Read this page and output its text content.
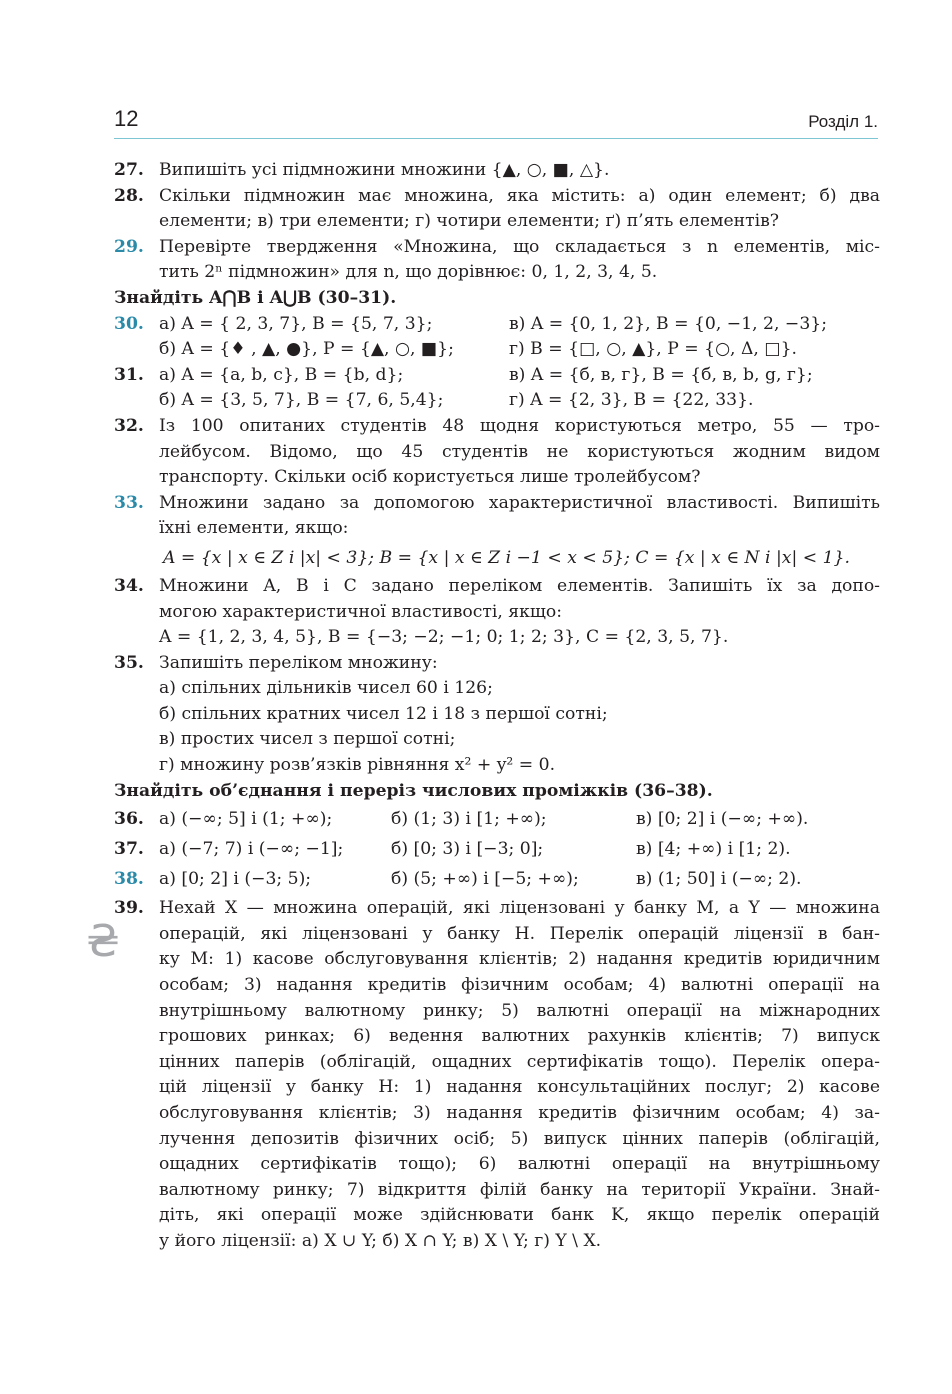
12	Розділ 1.
₴
27. Випишіть усі підмножини множини {▲, ○, ■, △}.
28. Скільки підмножин має множина, яка містить: а) один елемент; б) два
елементи; в) три елементи; г) чотири елементи; ґ) п’ять елементів?
29. Перевірте твердження «Множина, що складається з n елементів, міс-
тить 2ⁿ підмножин» для n, що дорівнює: 0, 1, 2, 3, 4, 5.
Знайдіть A⋂B і A⋃B (30–31).
30. а) A = { 2, 3, 7}, B = {5, 7, 3};	в) A = {0, 1, 2}, B = {0, −1, 2, −3};
б) A = {♦ , ▲, ●}, P = {▲, ○, ■};	г) B = {□, ○, ▲}, P = {○, Δ, □}.
31. а) A = {a, b, c}, B = {b, d};	в) A = {б, в, г}, В = {б, в, b, g, г};
б) A = {3, 5, 7}, B = {7, 6, 5,4};	г) A = {2, 3}, B = {22, 33}.
32. Із 100 опитаних студентів 48 щодня користуються метро, 55 — тро-
лейбусом. Відомо, що 45 студентів не користуються жодним видом
транспорту. Скільки осіб користується лише тролейбусом?
33. Множини задано за допомогою характеристичної властивості. Випишіть
їхні елементи, якщо:
A = {x | x ∈ Z і |x| < 3}; B = {x | x ∈ Z і −1 < x < 5}; C = {x | x ∈ N і |x| < 1}.
34. Множини A, B і C задано переліком елементів. Запишіть їх за допо-
могою характеристичної властивості, якщо:
A = {1, 2, 3, 4, 5}, B = {−3; −2; −1; 0; 1; 2; 3}, C = {2, 3, 5, 7}.
35. Запишіть переліком множину:
а) спільних дільників чисел 60 і 126;
б) спільних кратних чисел 12 і 18 з першої сотні;
в) простих чисел з першої сотні;
г) множину розв’язків рівняння x² + y² = 0.
Знайдіть об’єднання і переріз числових проміжків (36–38).
36. а) (−∞; 5] і (1; +∞);	б) (1; 3) і [1; +∞);	в) [0; 2] і (−∞; +∞).
37. а) (−7; 7) і (−∞; −1];	б) [0; 3) і [−3; 0];	в) [4; +∞) і [1; 2).
38. а) [0; 2] і (−3; 5);	б) (5; +∞) і [−5; +∞);	в) (1; 50] і (−∞; 2).
39. Нехай X — множина операцій, які ліцензовані у банку M, а Y — множина
операцій, які ліцензовані у банку H. Перелік операцій ліцензії в бан-
ку M: 1) касове обслуговування клієнтів; 2) надання кредитів юридичним
особам; 3) надання кредитів фізичним особам; 4) валютні операції на
внутрішньому валютному ринку; 5) валютні операції на міжнародних
грошових ринках; 6) ведення валютних рахунків клієнтів; 7) випуск
цінних паперів (облігацій, ощадних сертифікатів тощо). Перелік опера-
цій ліцензії у банку H: 1) надання консультаційних послуг; 2) касове
обслуговування клієнтів; 3) надання кредитів фізичним особам; 4) за-
лучення депозитів фізичних осіб; 5) випуск цінних паперів (облігацій,
ощадних сертифікатів тощо); 6) валютні операції на внутрішньому
валютному ринку; 7) відкриття філій банку на території України. Знай-
діть, які операції може здійснювати банк K, якщо перелік операцій
у його ліцензії: а) X ∪ Y; б) X ∩ Y; в) X \ Y; г) Y \ X.
